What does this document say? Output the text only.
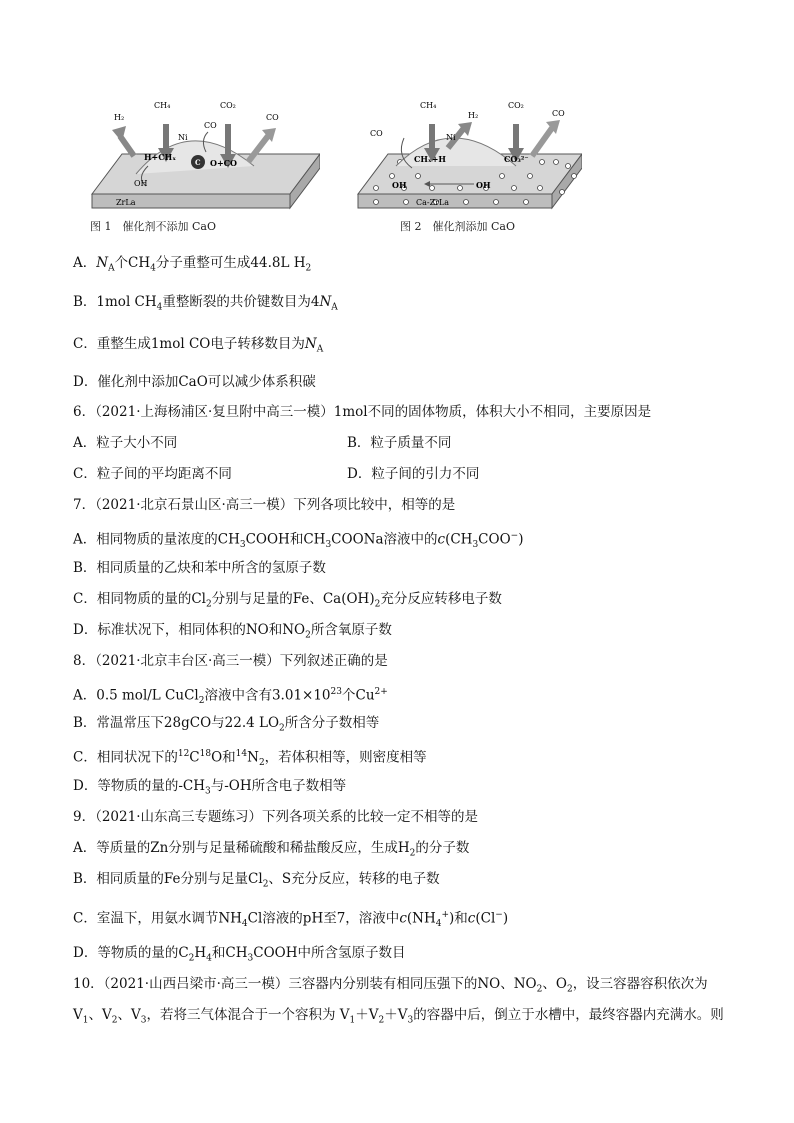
H₂
CH₄	CO₂
CO
Ni
CO
H+CHₓ
C O+CO
OH
ZrLa
图 1　催化剂不添加 CaO
CO
CH₄
H₂
CO₂
CO
Ni
CHₓ+H	CO₃²⁻
OH	OH
Ca-ZrLa
图 2　催化剂添加 CaO
A．$N_A$个$CH_4$分子重整可生成44.8L $H_2$
B．1mol $CH_4$重整断裂的共价键数目为$4N_A$
C．重整生成1mol CO电子转移数目为$N_A$
D．催化剂中添加CaO可以减少体系积碳
6．（2021·上海杨浦区·复旦附中高三一模）1mol不同的固体物质，体积大小不相同，主要原因是
A．粒子大小不同	B．粒子质量不同
C．粒子间的平均距离不同	D．粒子间的引力不同
7．（2021·北京石景山区·高三一模）下列各项比较中，相等的是
A．相同物质的量浓度的$CH_3COOH$和$CH_3COONa$溶液中的$c(CH_3COO^-)$
B．相同质量的乙炔和苯中所含的氢原子数
C．相同物质的量的$Cl_2$分别与足量的Fe、$Ca(OH)_2$充分反应转移电子数
D．标准状况下，相同体积的NO和$NO_2$所含氧原子数
8．（2021·北京丰台区·高三一模）下列叙述正确的是
A．0.5 mol/L CuCl$_2$溶液中含有$3.01\times 10^{23}$个$Cu^{2+}$
B．常温常压下28gCO与22.4 $LO_2$所含分子数相等
C．相同状况下的$^{12}C^{18}O$和$^{14}N_2$，若体积相等，则密度相等
D．等物质的量的$-CH_3$与-OH所含电子数相等
9．（2021·山东高三专题练习）下列各项关系的比较一定不相等的是
A．等质量的Zn分别与足量稀硫酸和稀盐酸反应，生成$H_2$的分子数
B．相同质量的Fe分别与足量$Cl_2$、S充分反应，转移的电子数
C．室温下，用氨水调节$NH_4Cl$溶液的pH至7，溶液中$c(NH_4^+)$和c(Cl−)
D．等物质的量的$C_2H_4$和$CH_3COOH$中所含氢原子数目
10．（2021·山西吕梁市·高三一模）三容器内分别装有相同压强下的NO、$NO_2$、$O_2$，设三容器容积依次为
$V_1$、$V_2$、$V_3$，若将三气体混合于一个容积为 $V_1+V_2+V_3$的容器中后，倒立于水槽中，最终容器内充满水。则
